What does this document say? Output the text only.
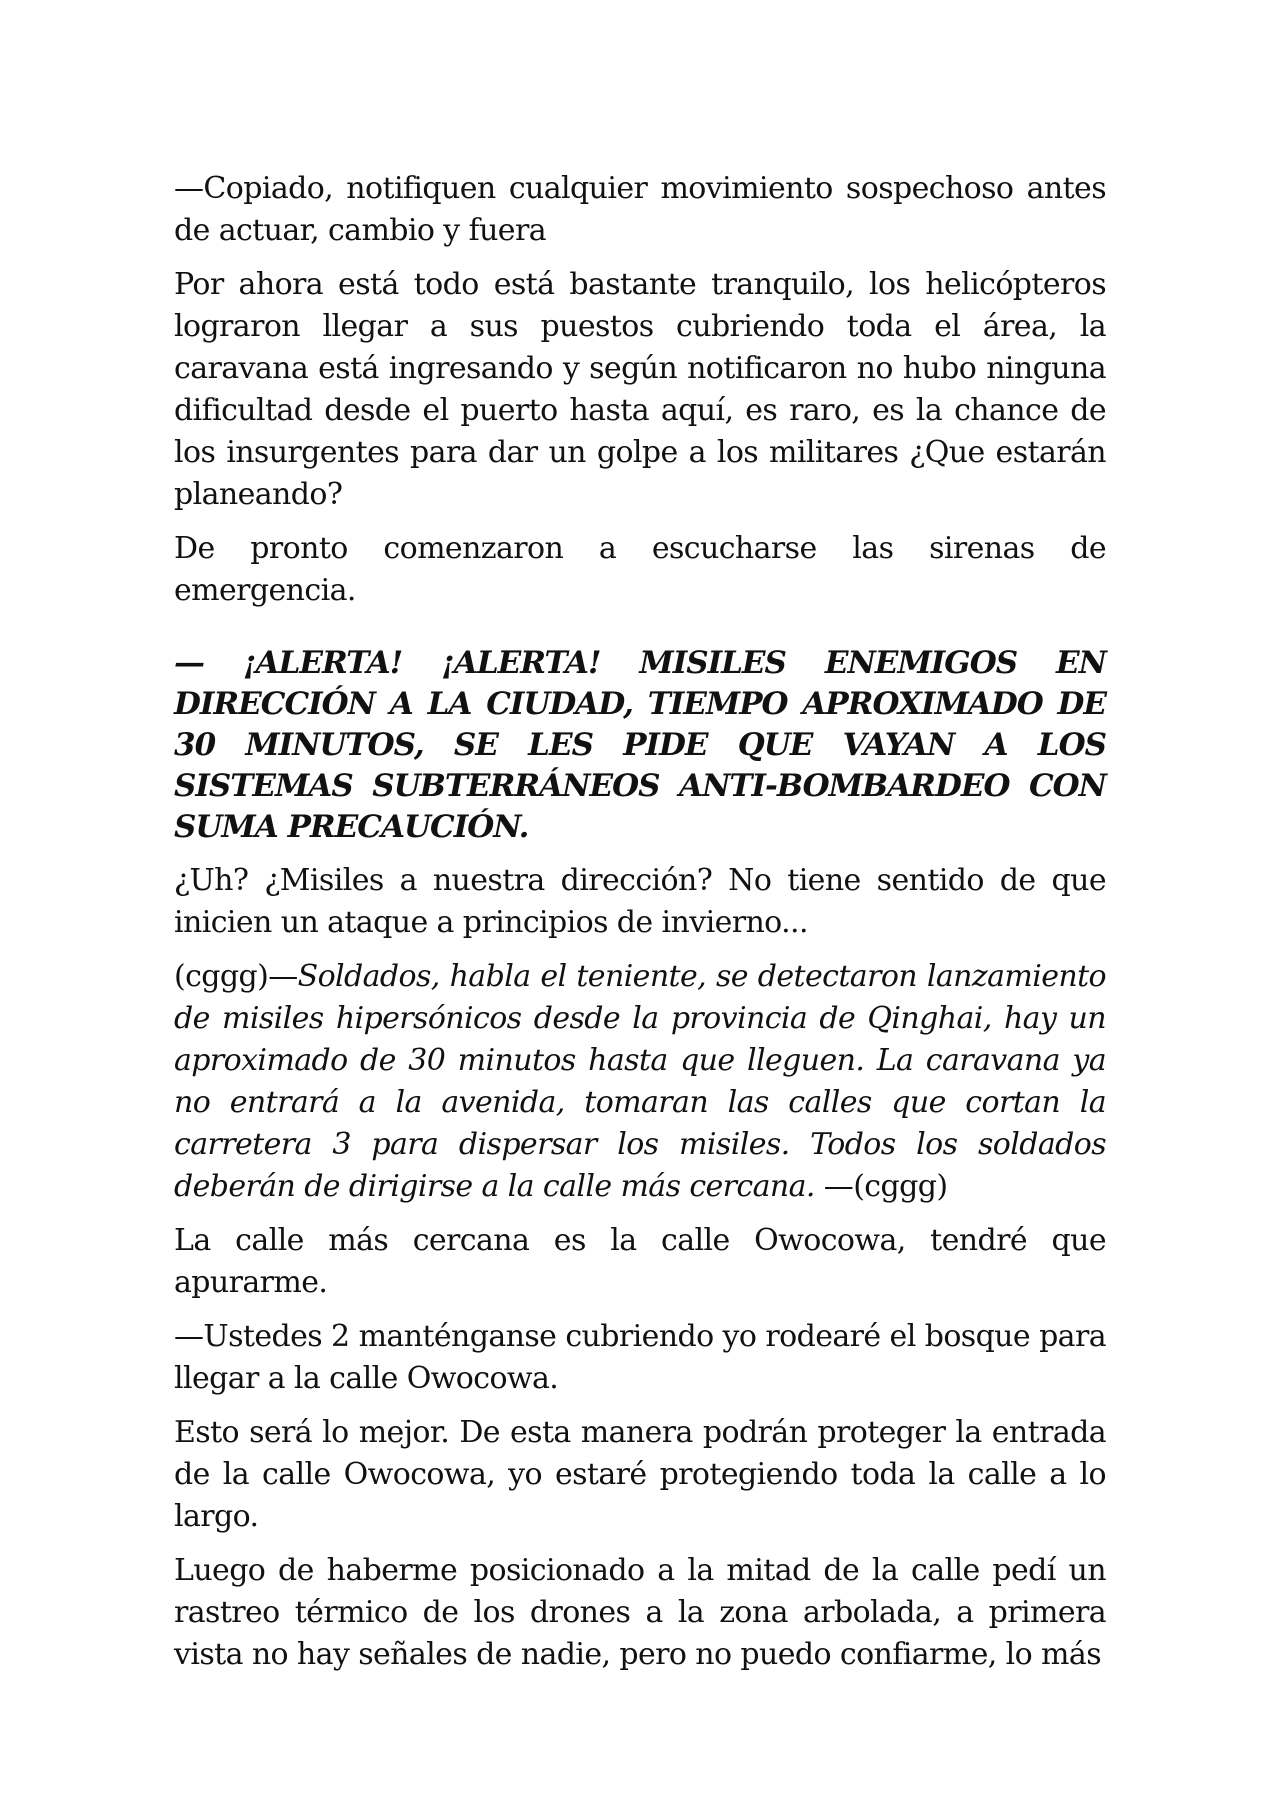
—Copiado, notifiquen cualquier movimiento sospechoso antes de actuar, cambio y fuera

Por ahora está todo está bastante tranquilo, los helicópteros lograron llegar a sus puestos cubriendo toda el área, la caravana está ingresando y según notificaron no hubo ninguna dificultad desde el puerto hasta aquí, es raro, es la chance de los insurgentes para dar un golpe a los militares ¿Que estarán planeando?

De pronto comenzaron a escucharse las sirenas de emergencia.

— ¡ALERTA! ¡ALERTA! MISILES ENEMIGOS EN DIRECCIÓN A LA CIUDAD, TIEMPO APROXIMADO DE 30 MINUTOS, SE LES PIDE QUE VAYAN A LOS SISTEMAS SUBTERRÁNEOS ANTI-BOMBARDEO CON SUMA PRECAUCIÓN.

¿Uh? ¿Misiles a nuestra dirección? No tiene sentido de que inicien un ataque a principios de invierno...

(cggg)—Soldados, habla el teniente, se detectaron lanzamiento de misiles hipersónicos desde la provincia de Qinghai, hay un aproximado de 30 minutos hasta que lleguen. La caravana ya no entrará a la avenida, tomaran las calles que cortan la carretera 3 para dispersar los misiles. Todos los soldados deberán de dirigirse a la calle más cercana. —(cggg)

La calle más cercana es la calle Owocowa, tendré que apurarme.

—Ustedes 2 manténganse cubriendo yo rodearé el bosque para llegar a la calle Owocowa.

Esto será lo mejor. De esta manera podrán proteger la entrada de la calle Owocowa, yo estaré protegiendo toda la calle a lo largo.

Luego de haberme posicionado a la mitad de la calle pedí un rastreo térmico de los drones a la zona arbolada, a primera vista no hay señales de nadie, pero no puedo confiarme, lo más
